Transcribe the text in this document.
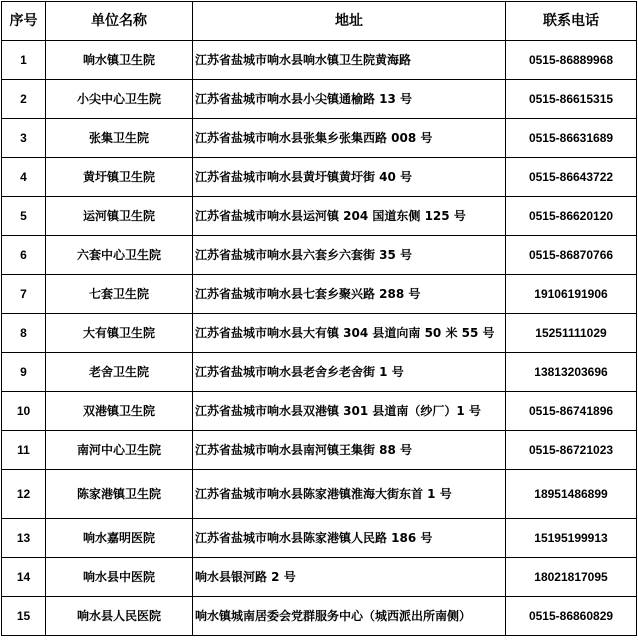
序号	单位名称	地址	联系电话
1	响水镇卫生院	江苏省盐城市响水县响水镇卫生院黄海路	0515-86889968
2	小尖中心卫生院	江苏省盐城市响水县小尖镇通榆路 13 号	0515-86615315
3	张集卫生院	江苏省盐城市响水县张集乡张集西路 008 号	0515-86631689
4	黄圩镇卫生院	江苏省盐城市响水县黄圩镇黄圩街 40 号	0515-86643722
5	运河镇卫生院	江苏省盐城市响水县运河镇 204 国道东侧 125 号	0515-86620120
6	六套中心卫生院	江苏省盐城市响水县六套乡六套街 35 号	0515-86870766
7	七套卫生院	江苏省盐城市响水县七套乡聚兴路 288 号	19106191906
8	大有镇卫生院	江苏省盐城市响水县大有镇 304 县道向南 50 米 55 号	15251111029
9	老舍卫生院	江苏省盐城市响水县老舍乡老舍街 1 号	13813203696
10	双港镇卫生院	江苏省盐城市响水县双港镇 301 县道南（纱厂）1 号	0515-86741896
11	南河中心卫生院	江苏省盐城市响水县南河镇王集街 88 号	0515-86721023
12	陈家港镇卫生院	江苏省盐城市响水县陈家港镇淮海大街东首 1 号	18951486899
13	响水嘉明医院	江苏省盐城市响水县陈家港镇人民路 186 号	15195199913
14	响水县中医院	响水县银河路 2 号	18021817095
15	响水县人民医院	响水镇城南居委会党群服务中心（城西派出所南侧）	0515-86860829
